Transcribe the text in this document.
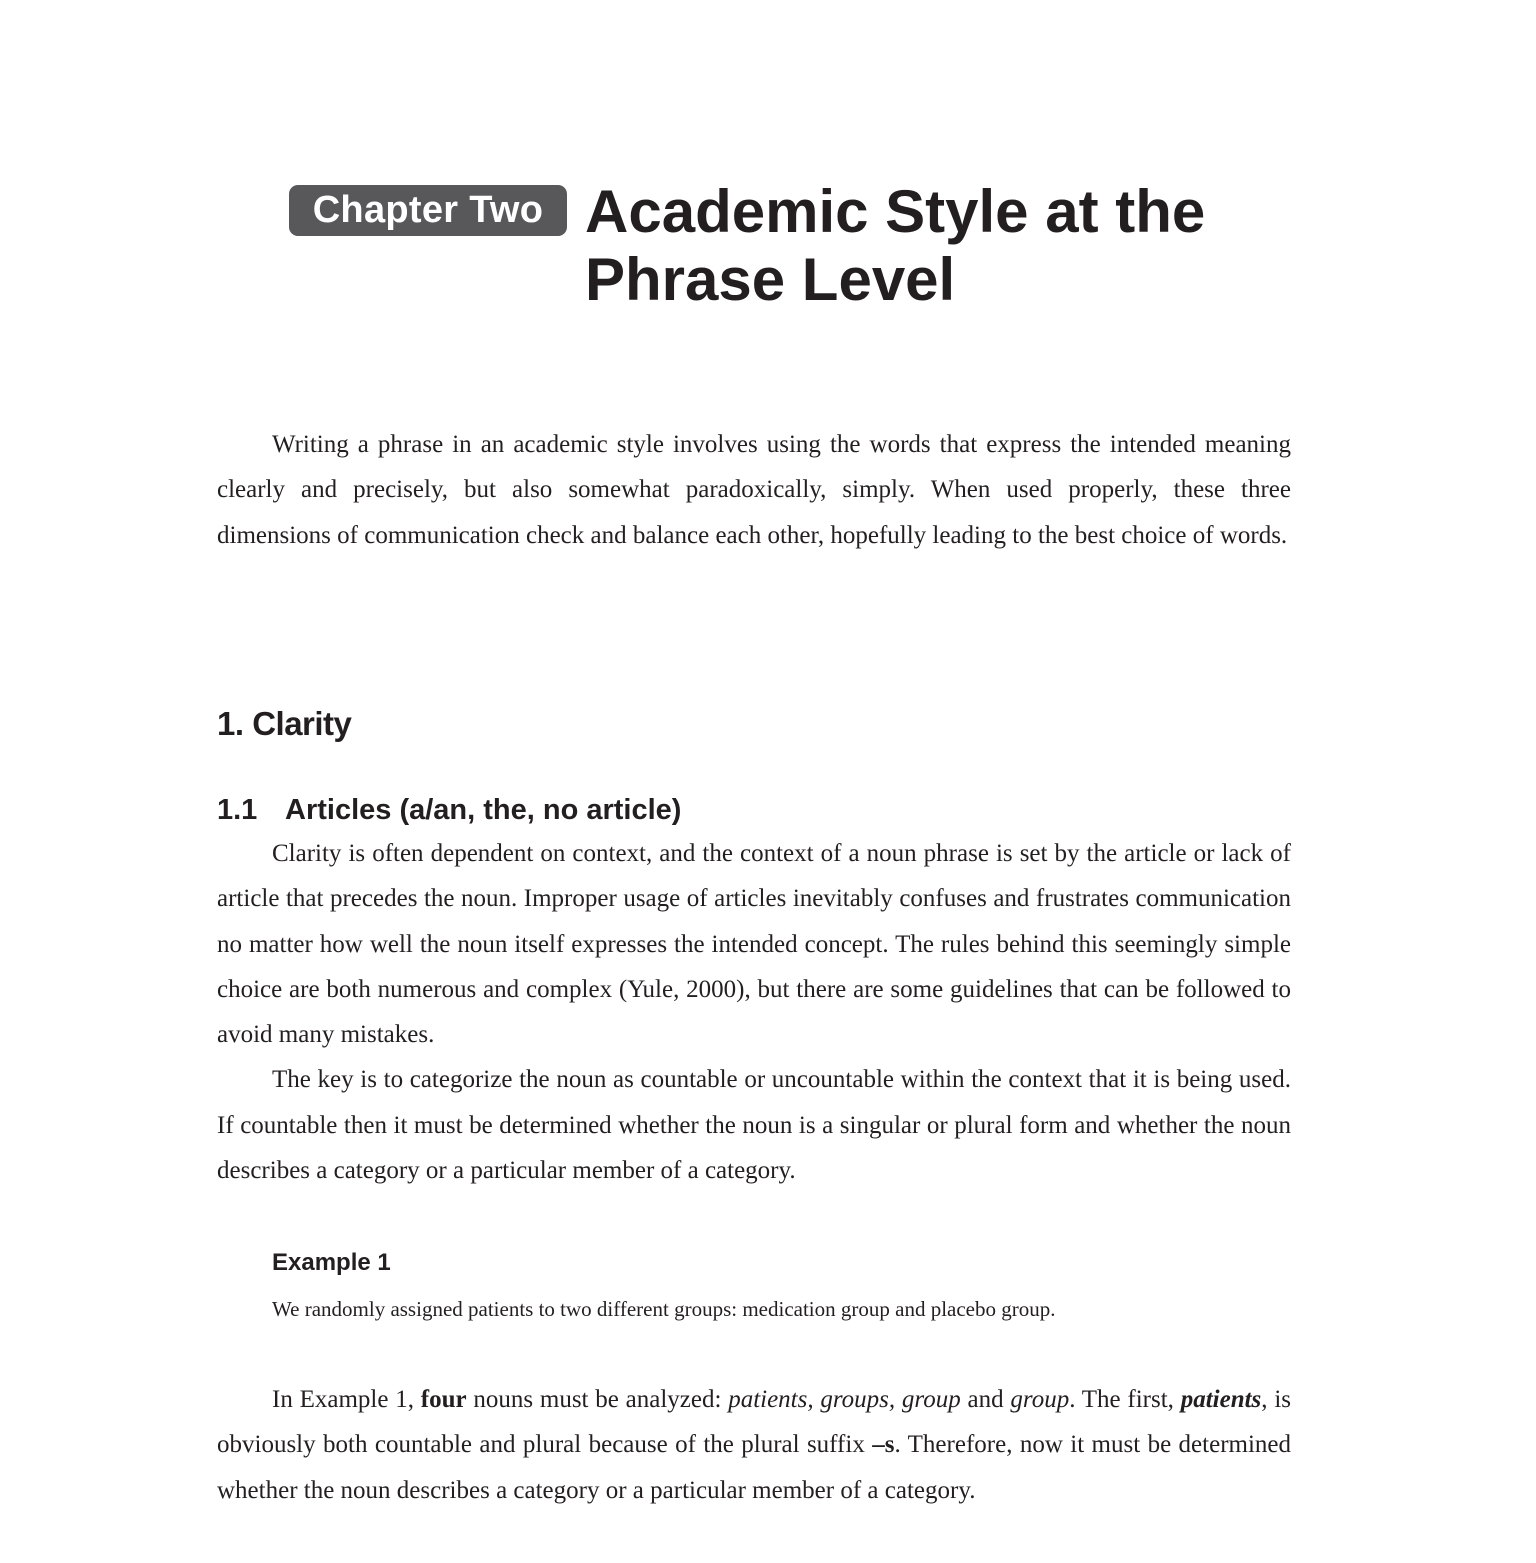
Chapter Two Academic Style at the
Phrase Level

Writing a phrase in an academic style involves using the words that express the intended meaning clearly and precisely, but also somewhat paradoxically, simply. When used properly, these three dimensions of communication check and balance each other, hopefully leading to the best choice of words.

1. Clarity
1.1 Articles (a/an, the, no article)

Clarity is often dependent on context, and the context of a noun phrase is set by the article or lack of article that precedes the noun. Improper usage of articles inevitably confuses and frustrates communication no matter how well the noun itself expresses the intended concept. The rules behind this seemingly simple choice are both numerous and complex (Yule, 2000), but there are some guidelines that can be followed to avoid many mistakes.

The key is to categorize the noun as countable or uncountable within the context that it is being used. If countable then it must be determined whether the noun is a singular or plural form and whether the noun describes a category or a particular member of a category.

Example 1

We randomly assigned patients to two different groups: medication group and placebo group.

In Example 1, four nouns must be analyzed: patients, groups, group and group. The first, patients, is obviously both countable and plural because of the plural suffix –s. Therefore, now it must be determined whether the noun describes a category or a particular member of a category.
